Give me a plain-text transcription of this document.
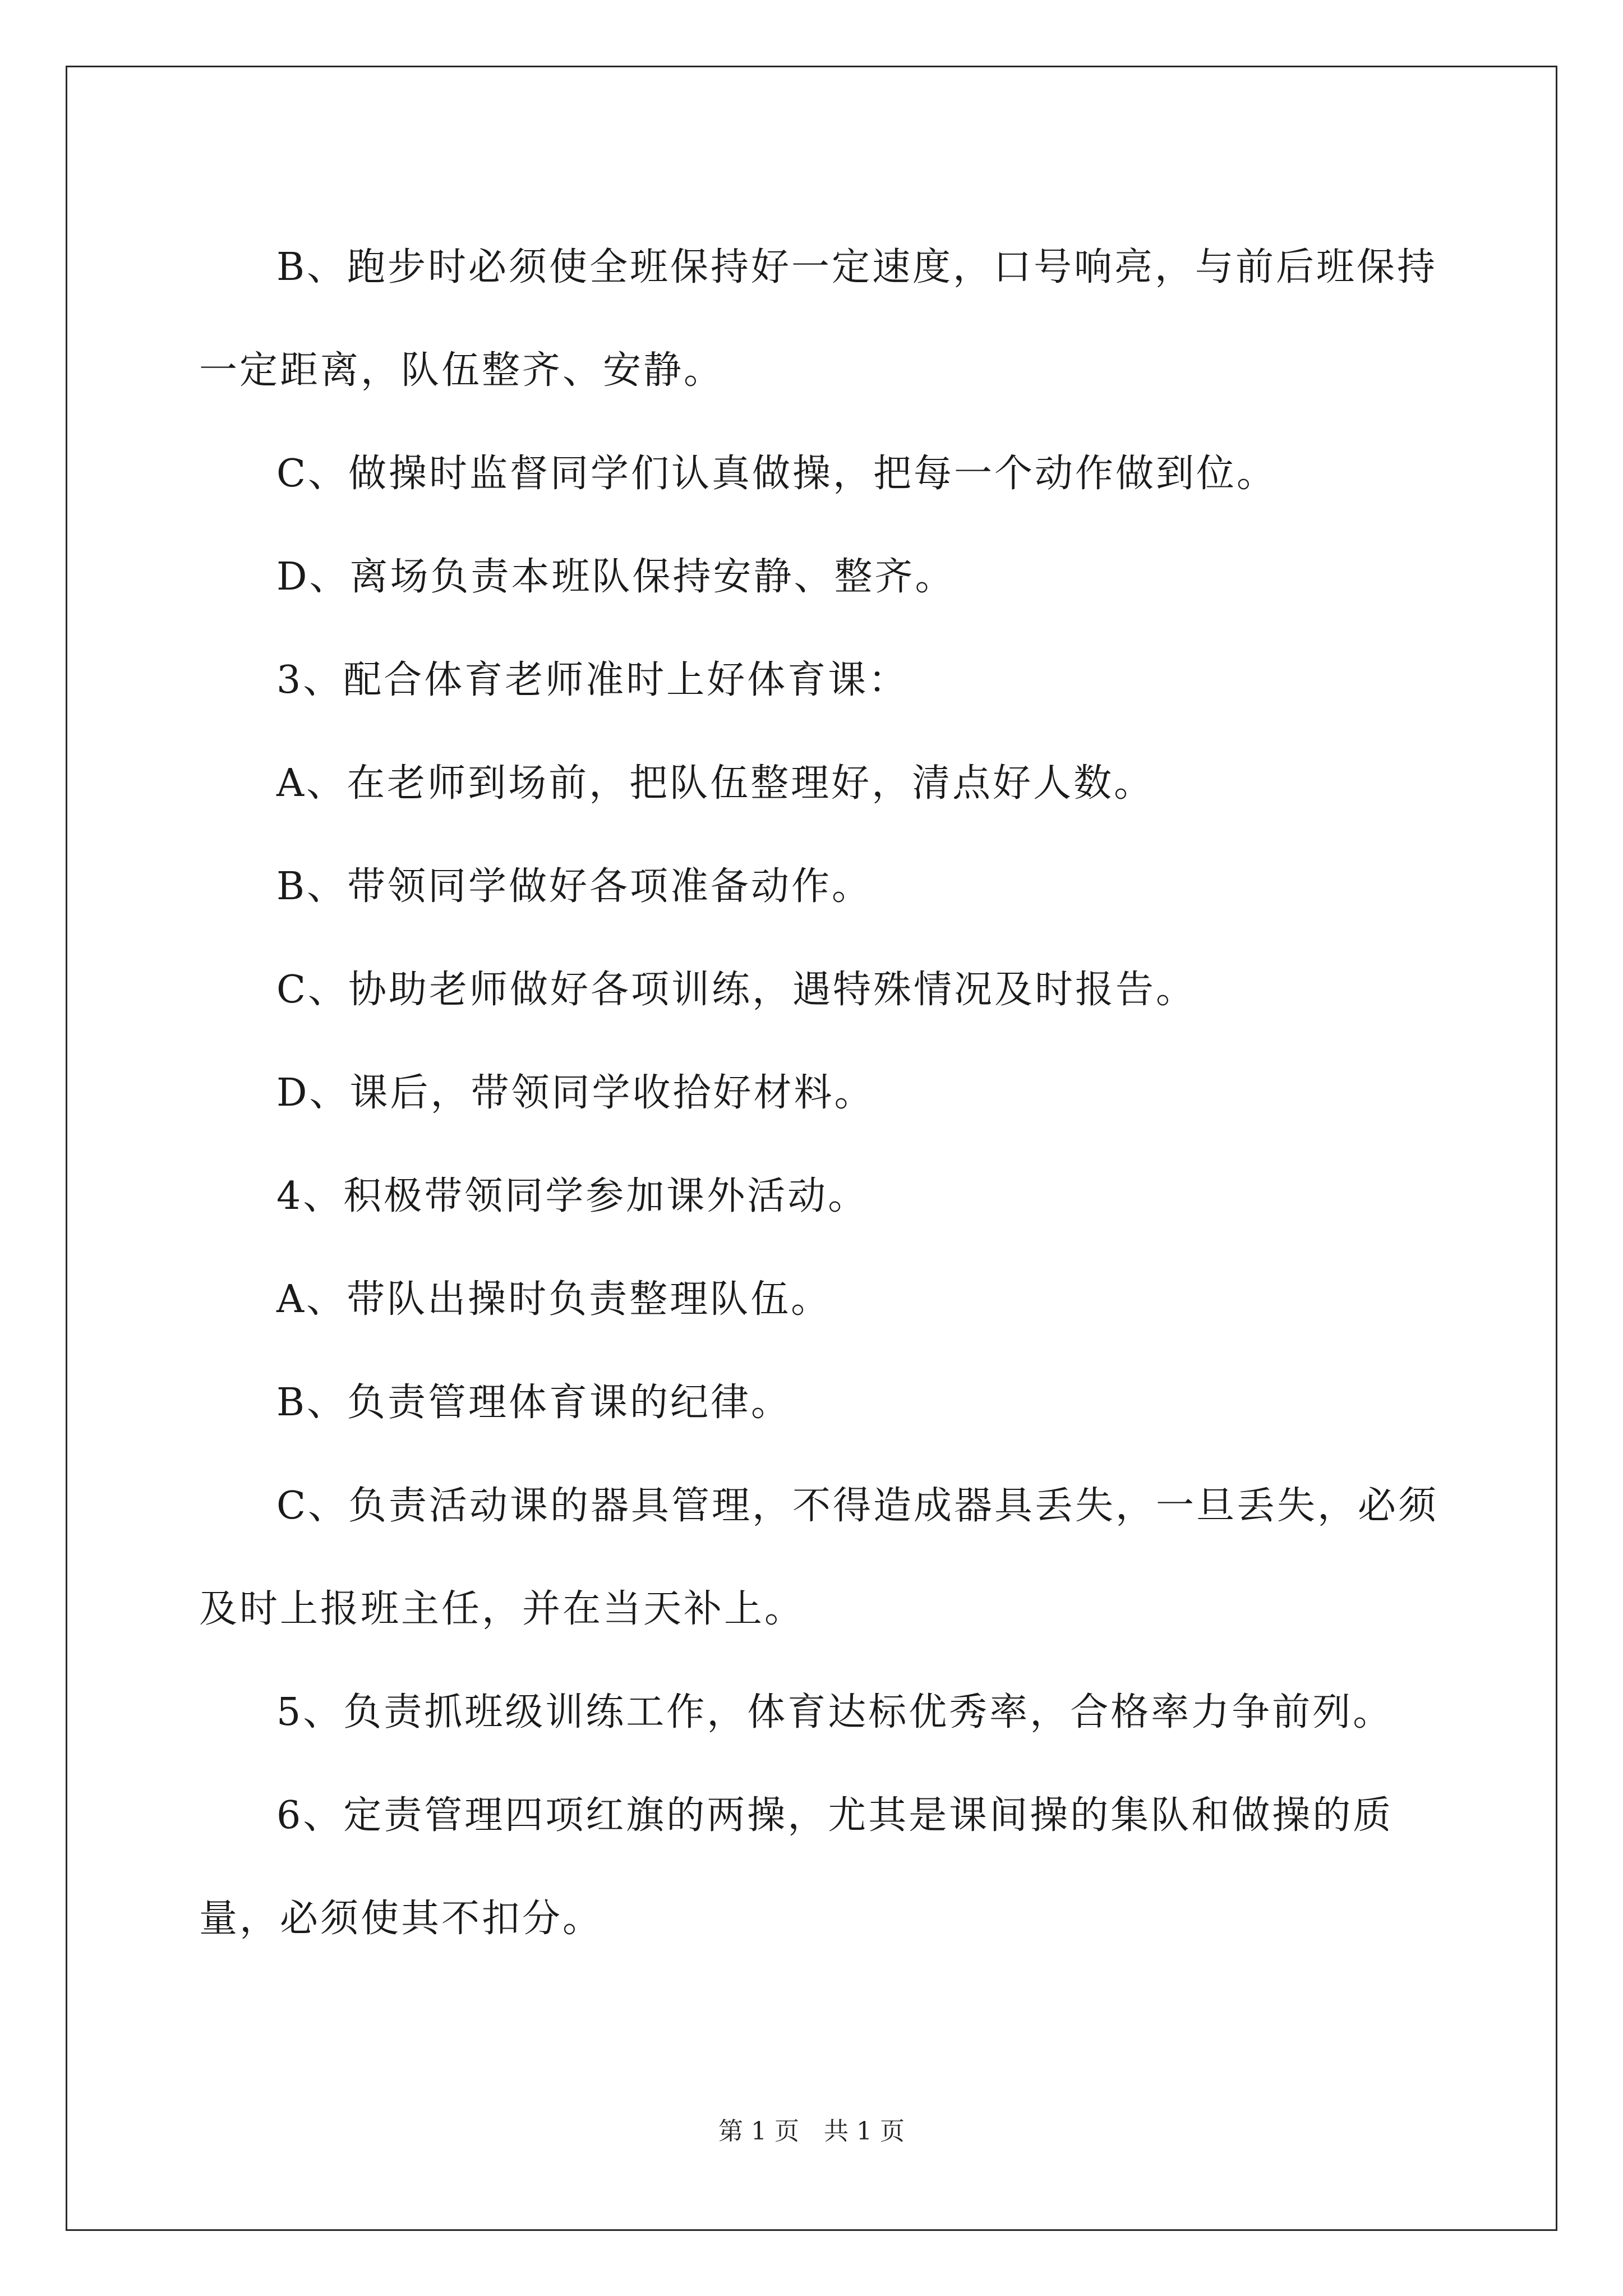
B、跑步时必须使全班保持好一定速度，口号响亮，与前后班保持一定距离，队伍整齐、安静。

C、做操时监督同学们认真做操，把每一个动作做到位。

D、离场负责本班队保持安静、整齐。

3、配合体育老师准时上好体育课：

A、在老师到场前，把队伍整理好，清点好人数。

B、带领同学做好各项准备动作。

C、协助老师做好各项训练，遇特殊情况及时报告。

D、课后，带领同学收拾好材料。

4、积极带领同学参加课外活动。

A、带队出操时负责整理队伍。

B、负责管理体育课的纪律。

C、负责活动课的器具管理，不得造成器具丢失，一旦丢失，必须及时上报班主任，并在当天补上。

5、负责抓班级训练工作，体育达标优秀率，合格率力争前列。

6、定责管理四项红旗的两操，尤其是课间操的集队和做操的质量，必须使其不扣分。

第 1 页　共 1 页
